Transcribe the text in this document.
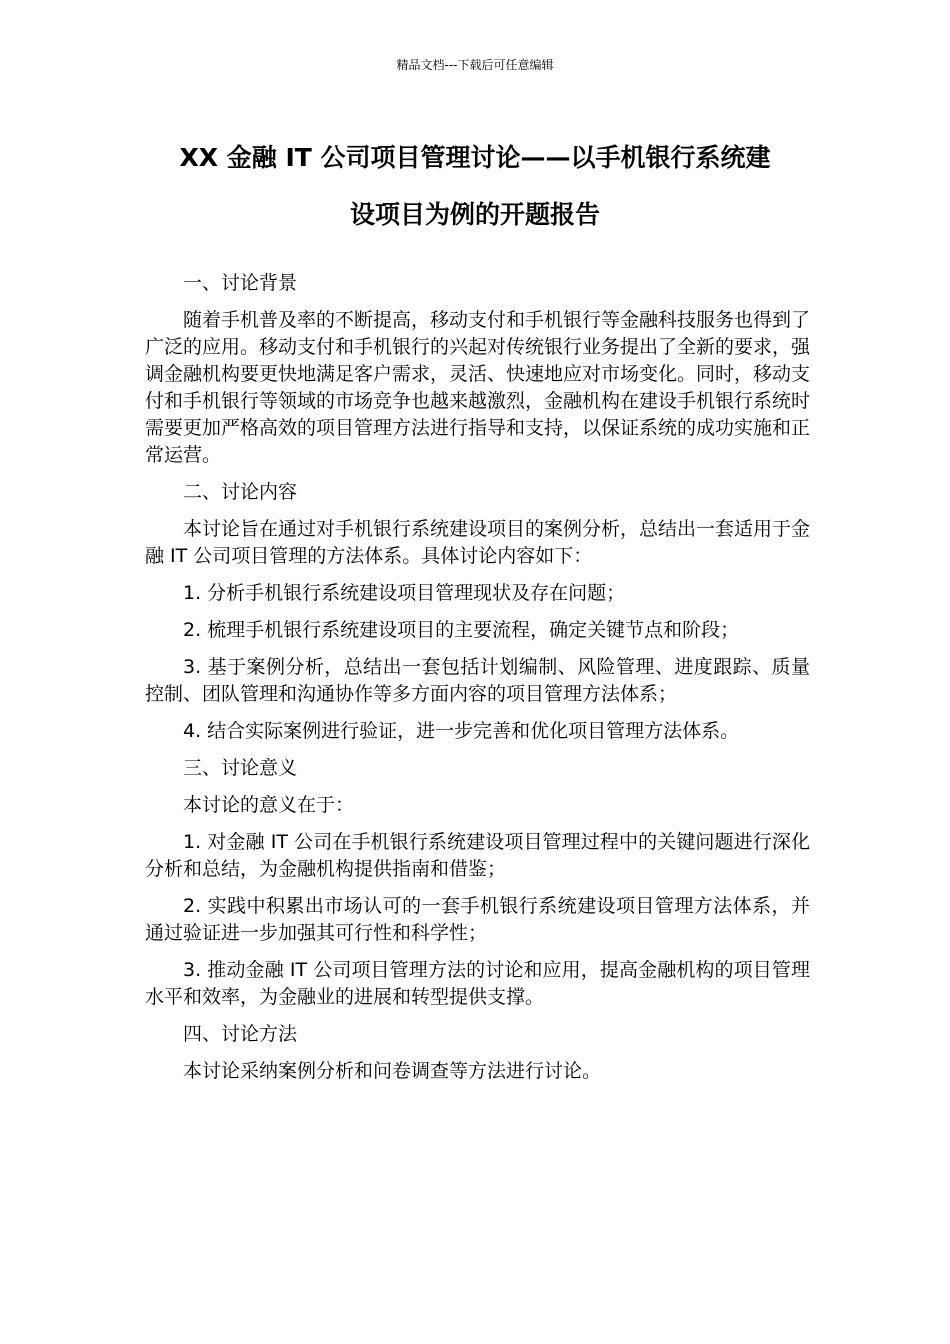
精品文档---下载后可任意编辑
XX 金融 IT 公司项目管理讨论——以手机银行系统建
设项目为例的开题报告

一、讨论背景

随着手机普及率的不断提高，移动支付和手机银行等金融科技服务也得到了广泛的应用。移动支付和手机银行的兴起对传统银行业务提出了全新的要求，强调金融机构要更快地满足客户需求，灵活、快速地应对市场变化。同时，移动支付和手机银行等领域的市场竞争也越来越激烈，金融机构在建设手机银行系统时需要更加严格高效的项目管理方法进行指导和支持，以保证系统的成功实施和正常运营。

二、讨论内容

本讨论旨在通过对手机银行系统建设项目的案例分析，总结出一套适用于金融 IT 公司项目管理的方法体系。具体讨论内容如下：

1. 分析手机银行系统建设项目管理现状及存在问题；

2. 梳理手机银行系统建设项目的主要流程，确定关键节点和阶段；

3. 基于案例分析，总结出一套包括计划编制、风险管理、进度跟踪、质量控制、团队管理和沟通协作等多方面内容的项目管理方法体系；

4. 结合实际案例进行验证，进一步完善和优化项目管理方法体系。

三、讨论意义

本讨论的意义在于：

1. 对金融 IT 公司在手机银行系统建设项目管理过程中的关键问题进行深化分析和总结，为金融机构提供指南和借鉴；

2. 实践中积累出市场认可的一套手机银行系统建设项目管理方法体系，并通过验证进一步加强其可行性和科学性；

3. 推动金融 IT 公司项目管理方法的讨论和应用，提高金融机构的项目管理水平和效率，为金融业的进展和转型提供支撑。

四、讨论方法

本讨论采纳案例分析和问卷调查等方法进行讨论。
